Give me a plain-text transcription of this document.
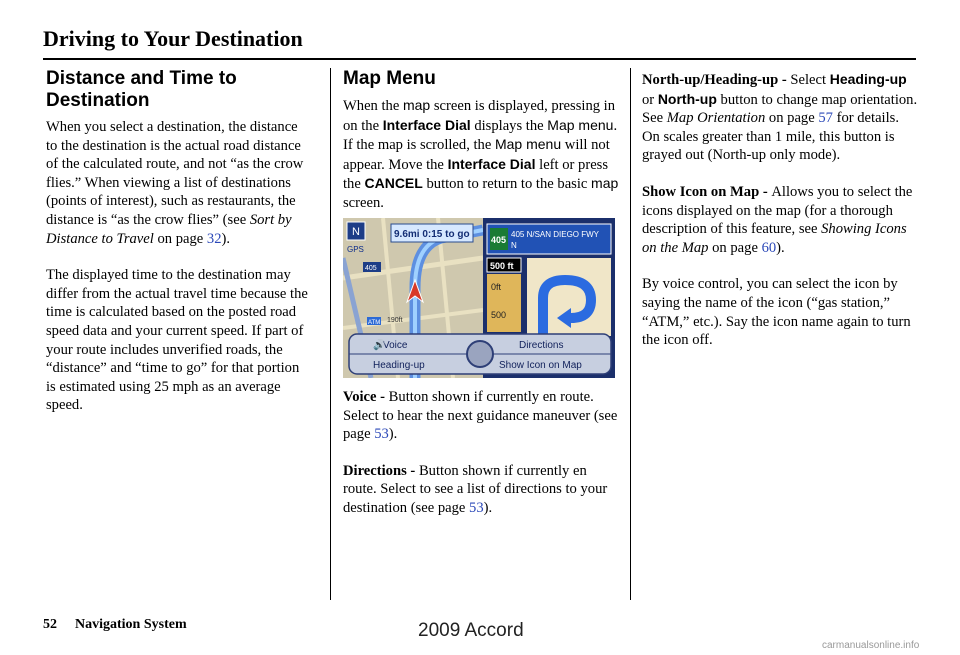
Driving to Your Destination
Distance and Time to Destination

When you select a destination, the distance to the destination is the actual road distance of the calculated route, and not “as the crow flies.” When viewing a list of destinations (points of interest), such as restaurants, the distance is “as the crow flies” (see Sort by Distance to Travel on page 32).

The displayed time to the destination may differ from the actual travel time because the time is calculated based on the posted road speed data and your current speed. If part of your route includes unverified roads, the “distance” and “time to go” for that portion is estimated using 25 mph as an average speed.

Map Menu

When the map screen is displayed, pressing in on the Interface Dial displays the Map menu. If the map is scrolled, the Map menu will not appear. Move the Interface Dial left or press the CANCEL button to return to the basic map screen.

N
GPS
9.6mi 0:15 to go
405
190ft
ATM
405
405 N/SAN DIEGO FWY
N
500 ft
0ft
500
Voice
🔊	Directions
Heading-up	Show Icon on Map

Voice - Button shown if currently en route. Select to hear the next guidance maneuver (see page 53).

Directions - Button shown if currently en route. Select to see a list of directions to your destination (see page 53).

North-up/Heading-up - Select Heading-up or North-up button to change map orientation. See Map Orientation on page 57 for details. On scales greater than 1 mile, this button is grayed out (North-up only mode).

Show Icon on Map - Allows you to select the icons displayed on the map (for a thorough description of this feature, see Showing Icons on the Map on page 60).

By voice control, you can select the icon by saying the name of the icon (“gas station,” “ATM,” etc.). Say the icon name again to turn the icon off.

52 Navigation System	2009 Accord
carmanualsonline.info
